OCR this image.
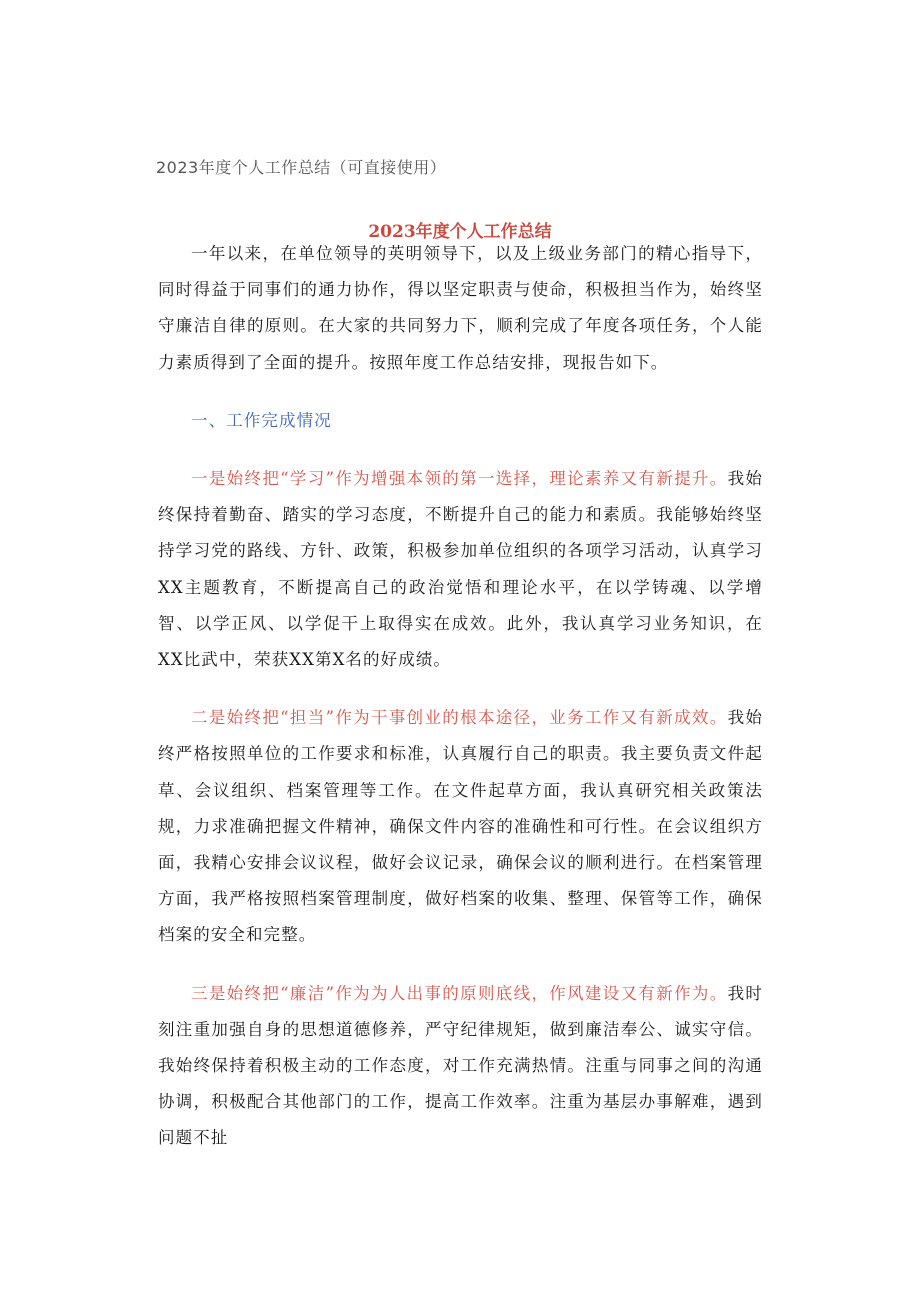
2023年度个人工作总结（可直接使用）
2023年度个人工作总结

一年以来，在单位领导的英明领导下，以及上级业务部门的精心指导下，同时得益于同事们的通力协作，得以坚定职责与使命，积极担当作为，始终坚守廉洁自律的原则。在大家的共同努力下，顺利完成了年度各项任务，个人能力素质得到了全面的提升。按照年度工作总结安排，现报告如下。

一、工作完成情况

一是始终把“学习”作为增强本领的第一选择，理论素养又有新提升。我始终保持着勤奋、踏实的学习态度，不断提升自己的能力和素质。我能够始终坚持学习党的路线、方针、政策，积极参加单位组织的各项学习活动，认真学习XX主题教育，不断提高自己的政治觉悟和理论水平，在以学铸魂、以学增智、以学正风、以学促干上取得实在成效。此外，我认真学习业务知识，在XX比武中，荣获XX第X名的好成绩。

二是始终把“担当”作为干事创业的根本途径，业务工作又有新成效。我始终严格按照单位的工作要求和标准，认真履行自己的职责。我主要负责文件起草、会议组织、档案管理等工作。在文件起草方面，我认真研究相关政策法规，力求准确把握文件精神，确保文件内容的准确性和可行性。在会议组织方面，我精心安排会议议程，做好会议记录，确保会议的顺利进行。在档案管理方面，我严格按照档案管理制度，做好档案的收集、整理、保管等工作，确保档案的安全和完整。

三是始终把“廉洁”作为为人出事的原则底线，作风建设又有新作为。我时刻注重加强自身的思想道德修养，严守纪律规矩，做到廉洁奉公、诚实守信。我始终保持着积极主动的工作态度，对工作充满热情。注重与同事之间的沟通协调，积极配合其他部门的工作，提高工作效率。注重为基层办事解难，遇到问题不扯
